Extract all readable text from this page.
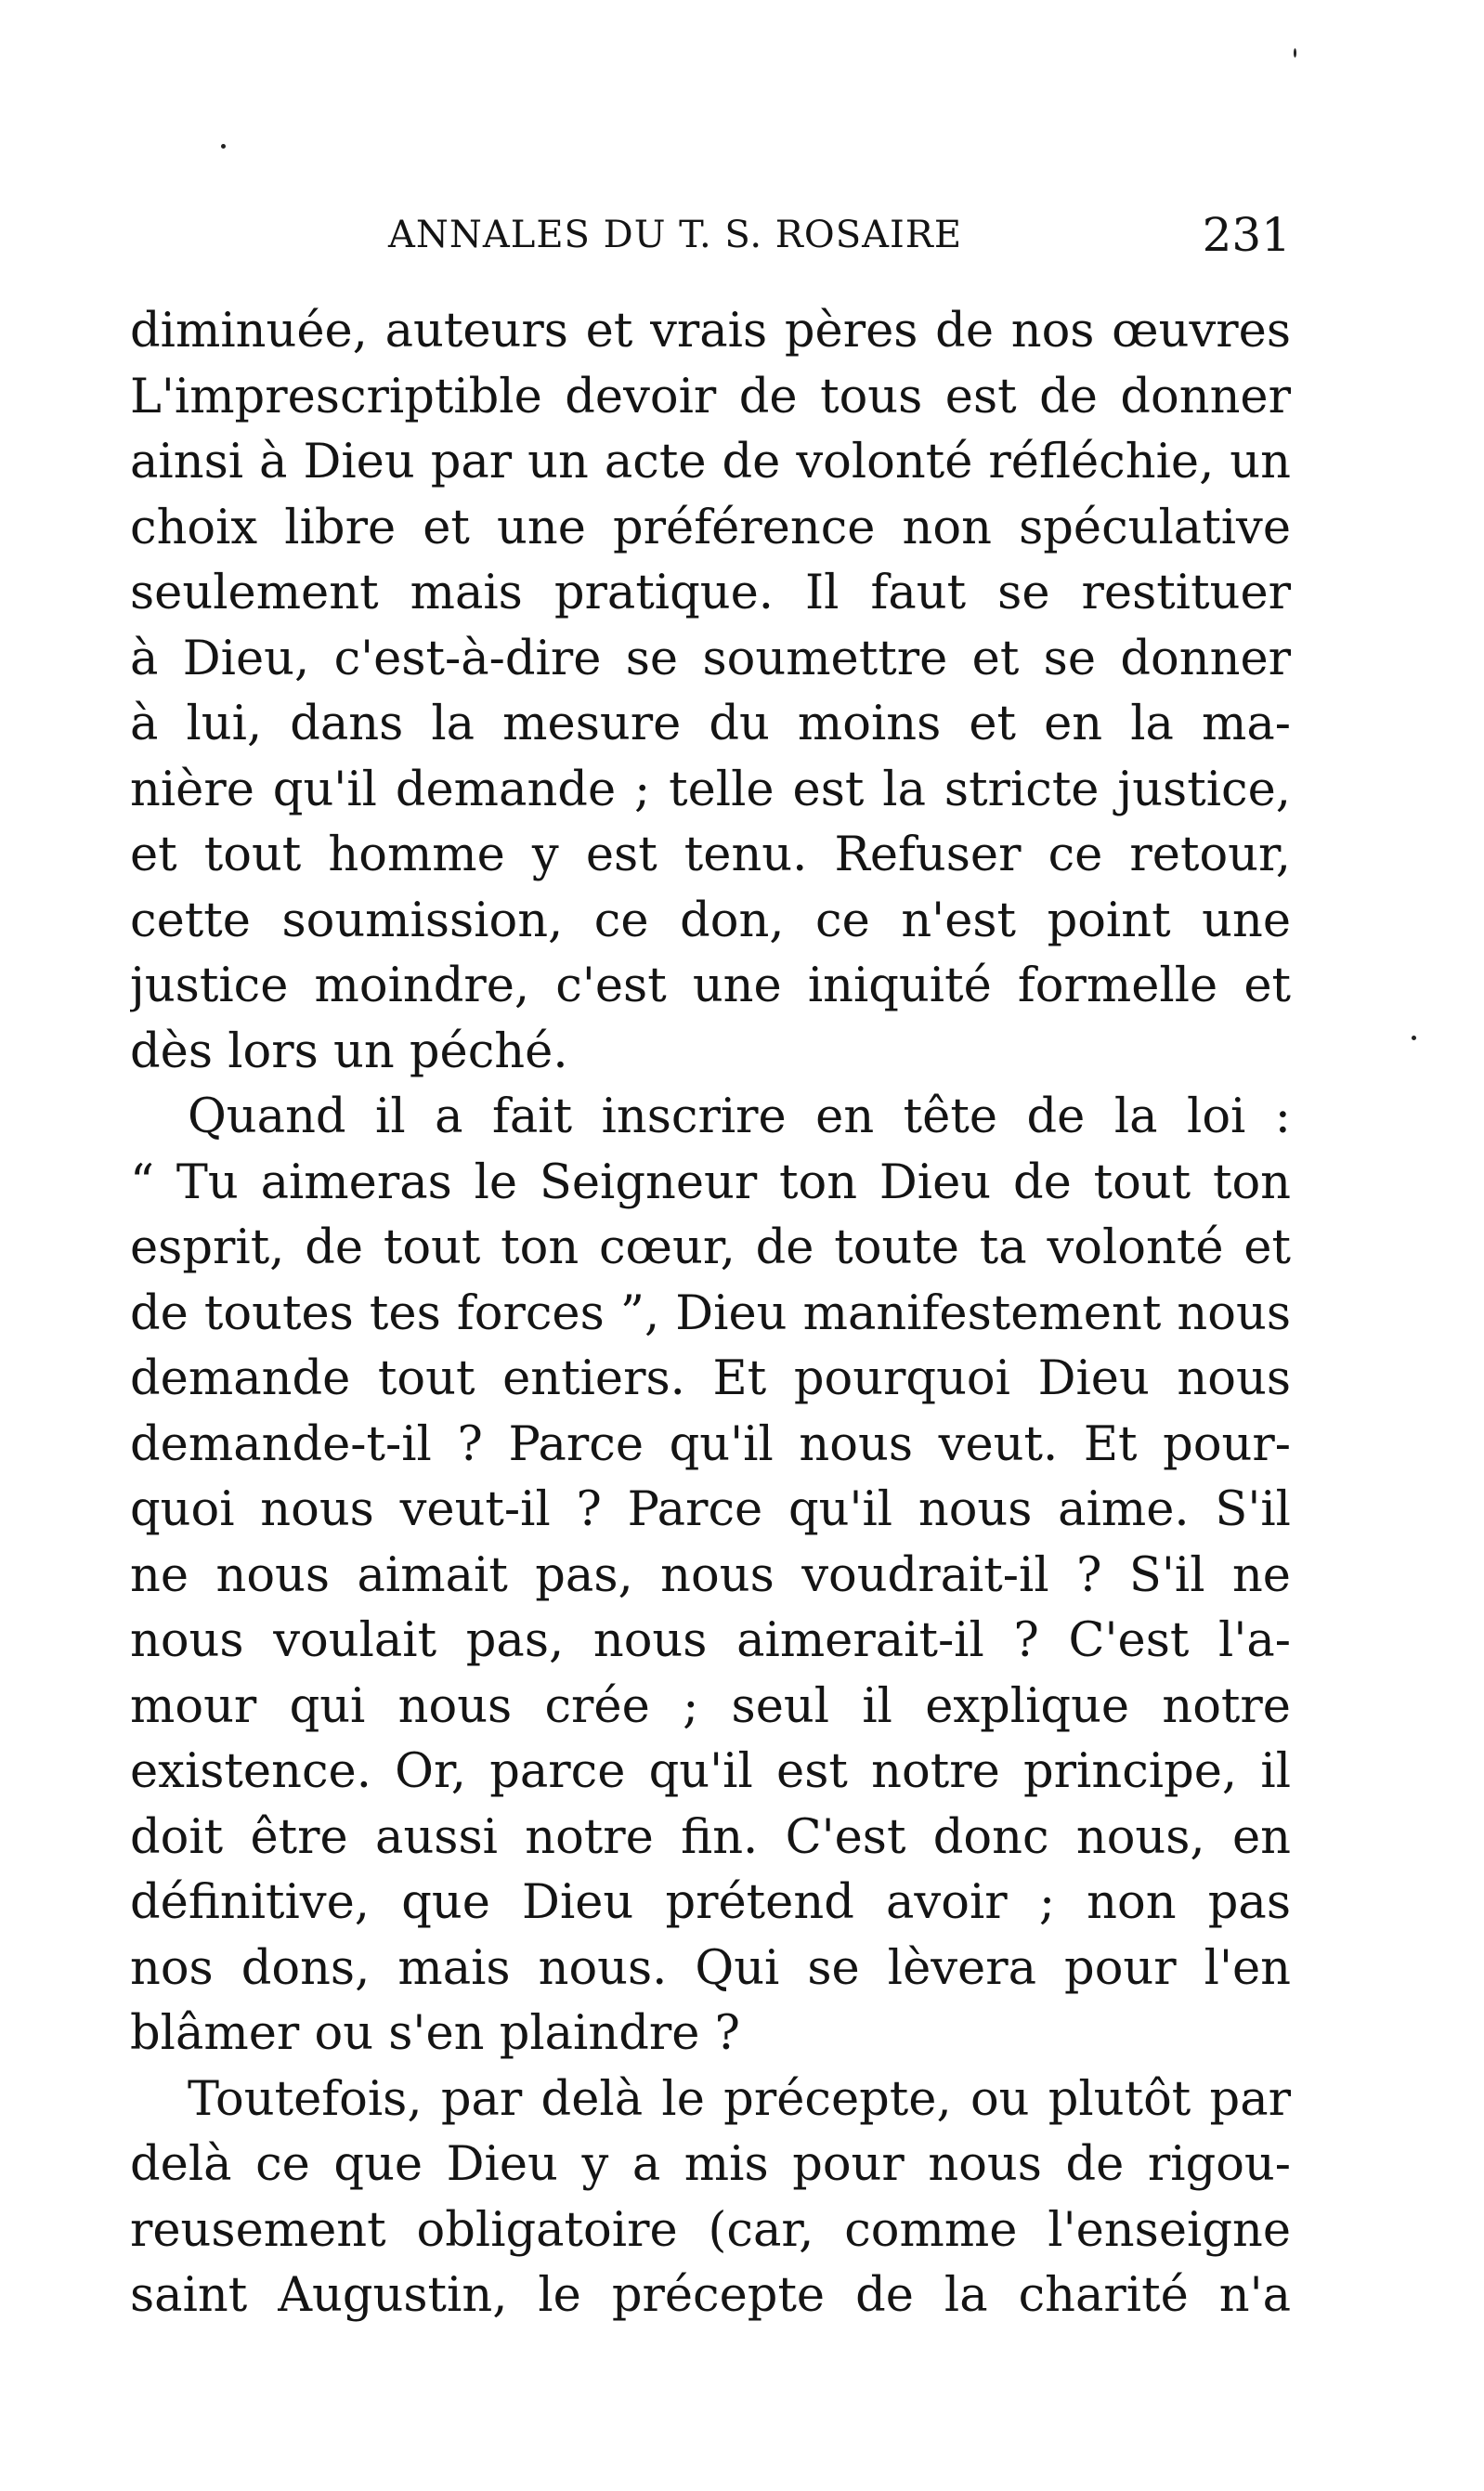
ANNALES DU T. S. ROSAIRE	231
diminuée, auteurs et vrais pères de nos œuvres
L'imprescriptible devoir de tous est de donner
ainsi à Dieu par un acte de volonté réfléchie, un
choix libre et une préférence non spéculative
seulement mais pratique. Il faut se restituer
à Dieu, c'est-à-dire se soumettre et se donner
à lui, dans la mesure du moins et en la ma-
nière qu'il demande ; telle est la stricte justice,
et tout homme y est tenu. Refuser ce retour,
cette soumission, ce don, ce n'est point une
justice moindre, c'est une iniquité formelle et
dès lors un péché.
Quand il a fait inscrire en tête de la loi :
“ Tu aimeras le Seigneur ton Dieu de tout ton
esprit, de tout ton cœur, de toute ta volonté et
de toutes tes forces ”, Dieu manifestement nous
demande tout entiers. Et pourquoi Dieu nous
demande-t-il ? Parce qu'il nous veut. Et pour-
quoi nous veut-il ? Parce qu'il nous aime. S'il
ne nous aimait pas, nous voudrait-il ? S'il ne
nous voulait pas, nous aimerait-il ? C'est l'a-
mour qui nous crée ; seul il explique notre
existence. Or, parce qu'il est notre principe, il
doit être aussi notre fin. C'est donc nous, en
définitive, que Dieu prétend avoir ; non pas
nos dons, mais nous. Qui se lèvera pour l'en
blâmer ou s'en plaindre ?
Toutefois, par delà le précepte, ou plutôt par
delà ce que Dieu y a mis pour nous de rigou-
reusement obligatoire (car, comme l'enseigne
saint Augustin, le précepte de la charité n'a
